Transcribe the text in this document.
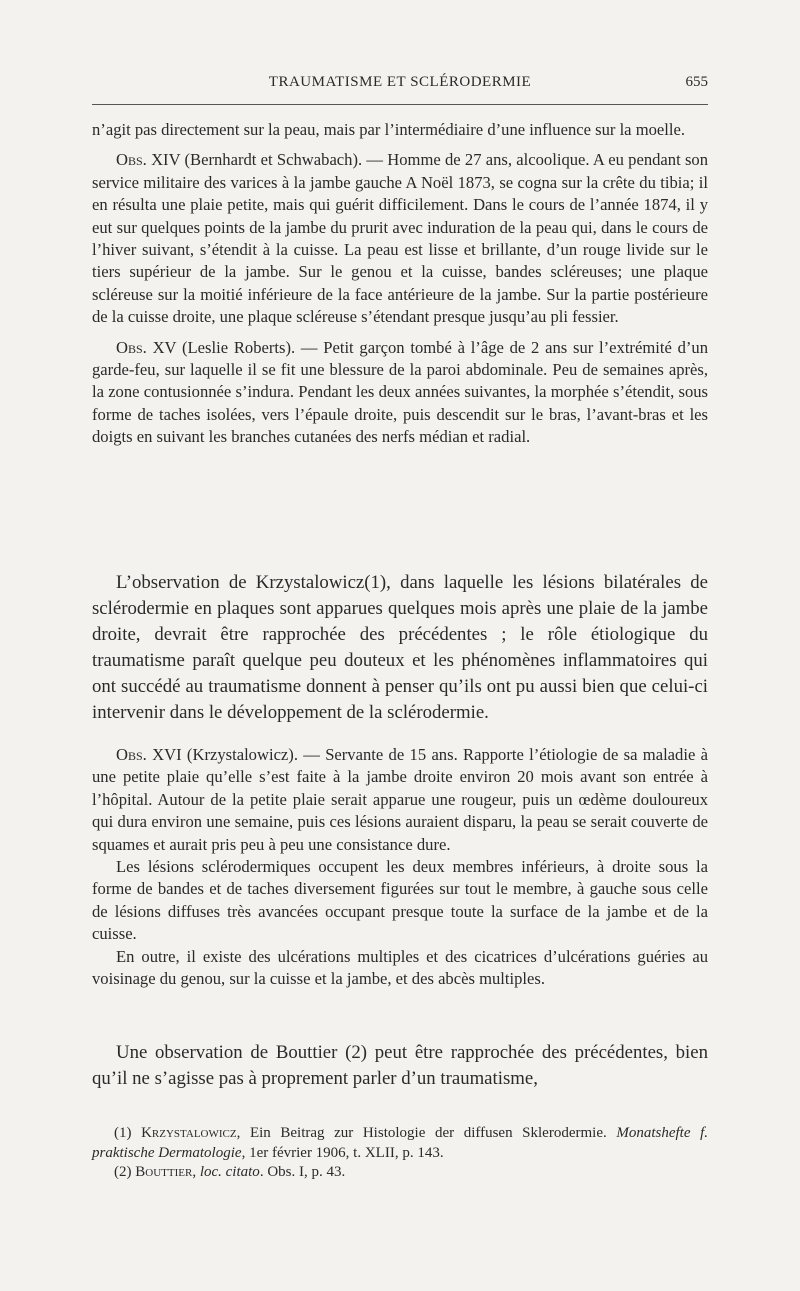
TRAUMATISME ET SCLÉRODERMIE	655

n’agit pas directement sur la peau, mais par l’intermédiaire d’une influence sur la moelle.

Obs. XIV (Bernhardt et Schwabach). — Homme de 27 ans, alcoolique. A eu pendant son service militaire des varices à la jambe gauche A Noël 1873, se cogna sur la crête du tibia; il en résulta une plaie petite, mais qui guérit difficilement. Dans le cours de l’année 1874, il y eut sur quelques points de la jambe du prurit avec induration de la peau qui, dans le cours de l’hiver suivant, s’étendit à la cuisse. La peau est lisse et brillante, d’un rouge livide sur le tiers supérieur de la jambe. Sur le genou et la cuisse, bandes scléreuses; une plaque scléreuse sur la moitié inférieure de la face antérieure de la jambe. Sur la partie postérieure de la cuisse droite, une plaque scléreuse s’étendant presque jusqu’au pli fessier.

Obs. XV (Leslie Roberts). — Petit garçon tombé à l’âge de 2 ans sur l’extrémité d’un garde-feu, sur laquelle il se fit une blessure de la paroi abdominale. Peu de semaines après, la zone contusionnée s’indura. Pendant les deux années suivantes, la morphée s’étendit, sous forme de taches isolées, vers l’épaule droite, puis descendit sur le bras, l’avant-bras et les doigts en suivant les branches cutanées des nerfs médian et radial.

L’observation de Krzystalowicz(1), dans laquelle les lésions bilatérales de sclérodermie en plaques sont apparues quelques mois après une plaie de la jambe droite, devrait être rapprochée des précédentes ; le rôle étiologique du traumatisme paraît quelque peu douteux et les phénomènes inflammatoires qui ont succédé au traumatisme donnent à penser qu’ils ont pu aussi bien que celui-ci intervenir dans le développement de la sclérodermie.

Obs. XVI (Krzystalowicz). — Servante de 15 ans. Rapporte l’étiologie de sa maladie à une petite plaie qu’elle s’est faite à la jambe droite environ 20 mois avant son entrée à l’hôpital. Autour de la petite plaie serait apparue une rougeur, puis un œdème douloureux qui dura environ une semaine, puis ces lésions auraient disparu, la peau se serait couverte de squames et aurait pris peu à peu une consistance dure.

Les lésions sclérodermiques occupent les deux membres inférieurs, à droite sous la forme de bandes et de taches diversement figurées sur tout le membre, à gauche sous celle de lésions diffuses très avancées occupant presque toute la surface de la jambe et de la cuisse.

En outre, il existe des ulcérations multiples et des cicatrices d’ulcérations guéries au voisinage du genou, sur la cuisse et la jambe, et des abcès multiples.

Une observation de Bouttier (2) peut être rapprochée des précédentes, bien qu’il ne s’agisse pas à proprement parler d’un traumatisme,

(1) Krzystalowicz, Ein Beitrag zur Histologie der diffusen Sklerodermie. Monatshefte f. praktische Dermatologie, 1er février 1906, t. XLII, p. 143.

(2) Bouttier, loc. citato. Obs. I, p. 43.
